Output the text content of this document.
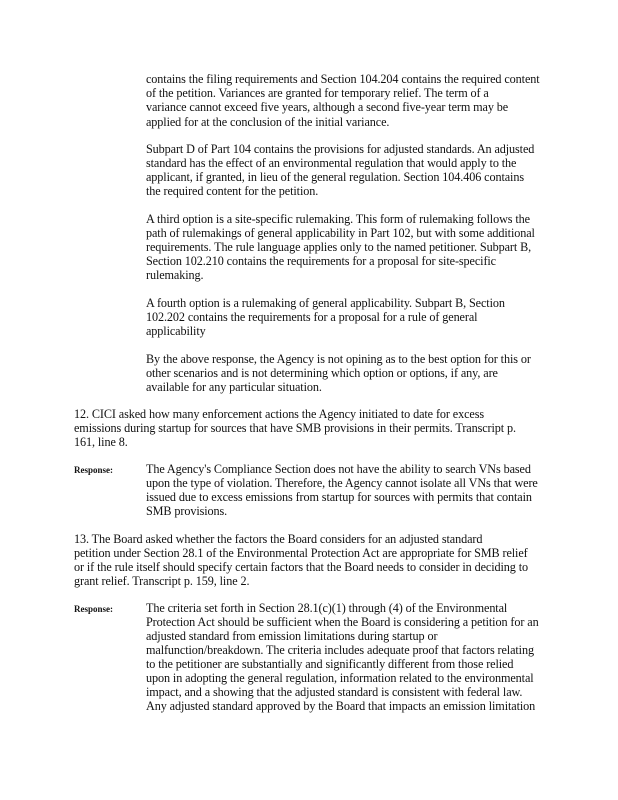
contains the filing requirements and Section 104.204 contains the required content
of the petition. Variances are granted for temporary relief. The term of a
variance cannot exceed five years, although a second five-year term may be
applied for at the conclusion of the initial variance.
Subpart D of Part 104 contains the provisions for adjusted standards. An adjusted
standard has the effect of an environmental regulation that would apply to the
applicant, if granted, in lieu of the general regulation. Section 104.406 contains
the required content for the petition.
A third option is a site-specific rulemaking. This form of rulemaking follows the
path of rulemakings of general applicability in Part 102, but with some additional
requirements. The rule language applies only to the named petitioner. Subpart B,
Section 102.210 contains the requirements for a proposal for site-specific
rulemaking.
A fourth option is a rulemaking of general applicability. Subpart B, Section
102.202 contains the requirements for a proposal for a rule of general
applicability
By the above response, the Agency is not opining as to the best option for this or
other scenarios and is not determining which option or options, if any, are
available for any particular situation.
12. CICI asked how many enforcement actions the Agency initiated to date for excess
emissions during startup for sources that have SMB provisions in their permits. Transcript p.
161, line 8.
Response:	The Agency's Compliance Section does not have the ability to search VNs based
upon the type of violation. Therefore, the Agency cannot isolate all VNs that were
issued due to excess emissions from startup for sources with permits that contain
SMB provisions.
13. The Board asked whether the factors the Board considers for an adjusted standard
petition under Section 28.1 of the Environmental Protection Act are appropriate for SMB relief
or if the rule itself should specify certain factors that the Board needs to consider in deciding to
grant relief. Transcript p. 159, line 2.
Response:	The criteria set forth in Section 28.1(c)(1) through (4) of the Environmental
Protection Act should be sufficient when the Board is considering a petition for an
adjusted standard from emission limitations during startup or
malfunction/breakdown. The criteria includes adequate proof that factors relating
to the petitioner are substantially and significantly different from those relied
upon in adopting the general regulation, information related to the environmental
impact, and a showing that the adjusted standard is consistent with federal law.
Any adjusted standard approved by the Board that impacts an emission limitation
